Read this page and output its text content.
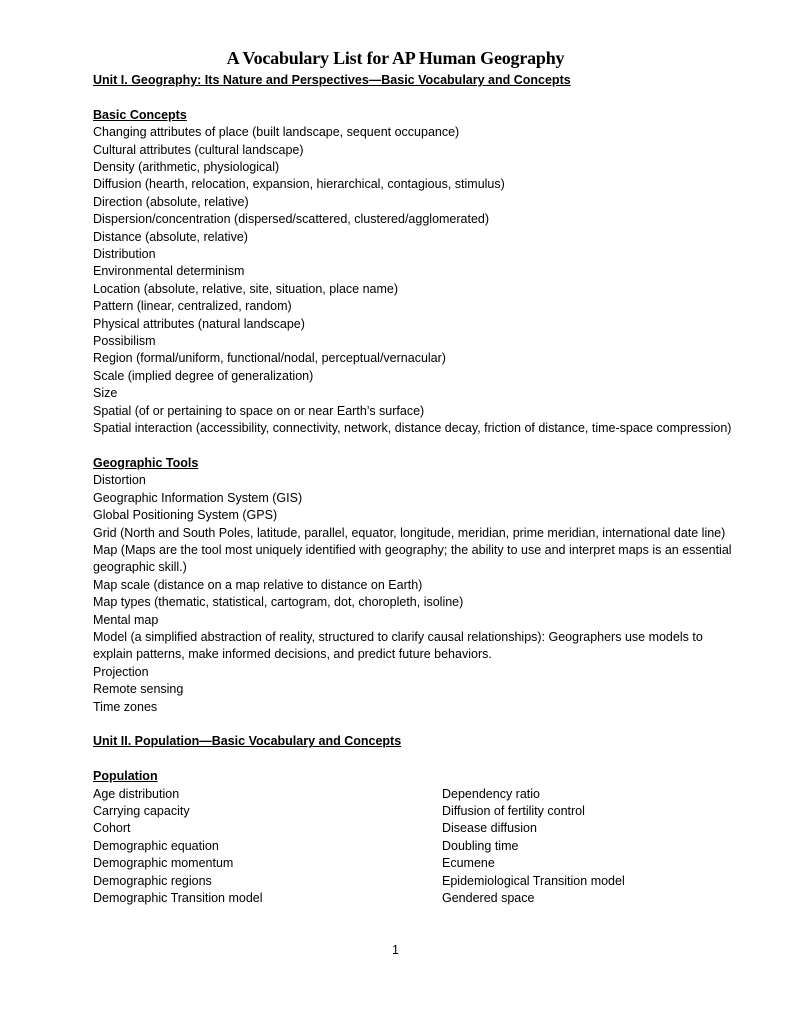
A Vocabulary List for AP Human Geography
Unit I. Geography: Its Nature and Perspectives—Basic Vocabulary and Concepts
Basic Concepts
Changing attributes of place (built landscape, sequent occupance)
Cultural attributes (cultural landscape)
Density (arithmetic, physiological)
Diffusion (hearth, relocation, expansion, hierarchical, contagious, stimulus)
Direction (absolute, relative)
Dispersion/concentration (dispersed/scattered, clustered/agglomerated)
Distance (absolute, relative)
Distribution
Environmental determinism
Location (absolute, relative, site, situation, place name)
Pattern (linear, centralized, random)
Physical attributes (natural landscape)
Possibilism
Region (formal/uniform, functional/nodal, perceptual/vernacular)
Scale (implied degree of generalization)
Size
Spatial (of or pertaining to space on or near Earth’s surface)
Spatial interaction (accessibility, connectivity, network, distance decay, friction of distance, time-space compression)
Geographic Tools
Distortion
Geographic Information System (GIS)
Global Positioning System (GPS)
Grid (North and South Poles, latitude, parallel, equator, longitude, meridian, prime meridian, international date line)
Map (Maps are the tool most uniquely identified with geography; the ability to use and interpret maps is an essential geographic skill.)
Map scale (distance on a map relative to distance on Earth)
Map types (thematic, statistical, cartogram, dot, choropleth, isoline)
Mental map
Model (a simplified abstraction of reality, structured to clarify causal relationships): Geographers use models to explain patterns, make informed decisions, and predict future behaviors.
Projection
Remote sensing
Time zones
Unit II. Population—Basic Vocabulary and Concepts
Population
Age distribution
Carrying capacity
Cohort
Demographic equation
Demographic momentum
Demographic regions
Demographic Transition model
Dependency ratio
Diffusion of fertility control
Disease diffusion
Doubling time
Ecumene
Epidemiological Transition model
Gendered space
1
